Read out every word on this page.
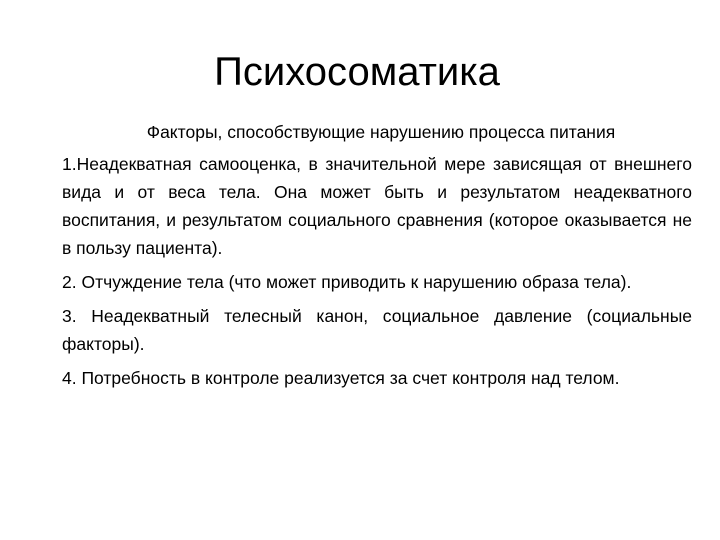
Психосоматика

Факторы, способствующие нарушению процесса питания

1.Неадекватная самооценка, в значительной мере зависящая от внешнего вида и от веса тела. Она может быть и результатом неадекватного воспитания, и результатом социального сравнения (которое оказывается не в пользу пациента).

2. Отчуждение тела (что может приводить к нарушению образа тела).

3. Неадекватный телесный канон, социальное давление (социальные факторы).

4. Потребность в контроле реализуется за счет контроля над телом.
